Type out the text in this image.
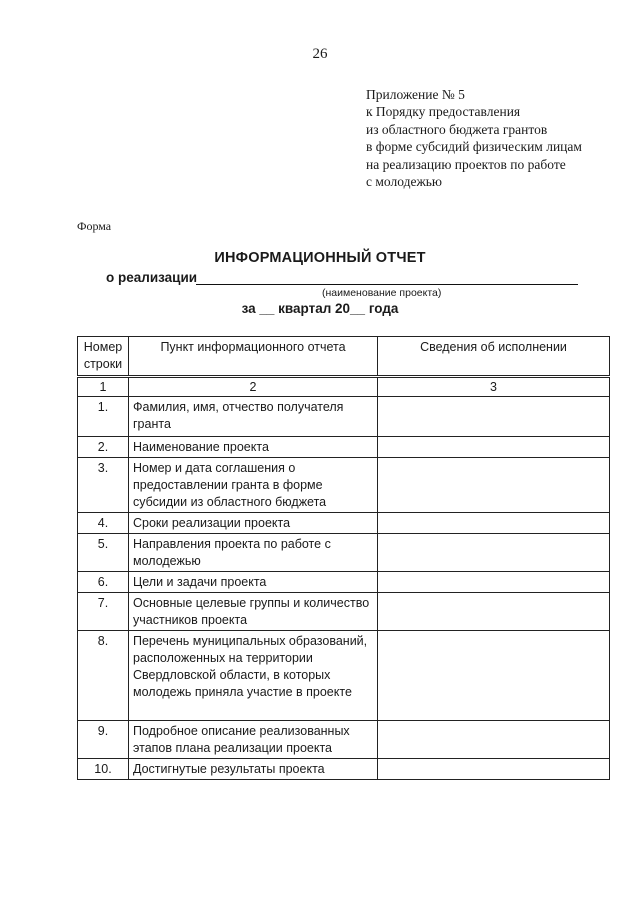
26
Приложение № 5
к Порядку предоставления
из областного бюджета грантов
в форме субсидий физическим лицам
на реализацию проектов по работе
с молодежью
Форма
ИНФОРМАЦИОННЫЙ ОТЧЕТ
о реализации
(наименование проекта)
за __ квартал 20__ года
Номер строки	Пункт информационного отчета	Сведения об исполнении
1	2	3
1.	Фамилия, имя, отчество получателя гранта	
2.	Наименование проекта	
3.	Номер и дата соглашения о предоставлении гранта в форме субсидии из областного бюджета	
4.	Сроки реализации проекта	
5.	Направления проекта по работе с молодежью	
6.	Цели и задачи проекта	
7.	Основные целевые группы и количество участников проекта	
8.	Перечень муниципальных образований, расположенных на территории Свердловской области, в которых молодежь приняла участие в проекте	
9.	Подробное описание реализованных этапов плана реализации проекта	
10.	Достигнутые результаты проекта	
